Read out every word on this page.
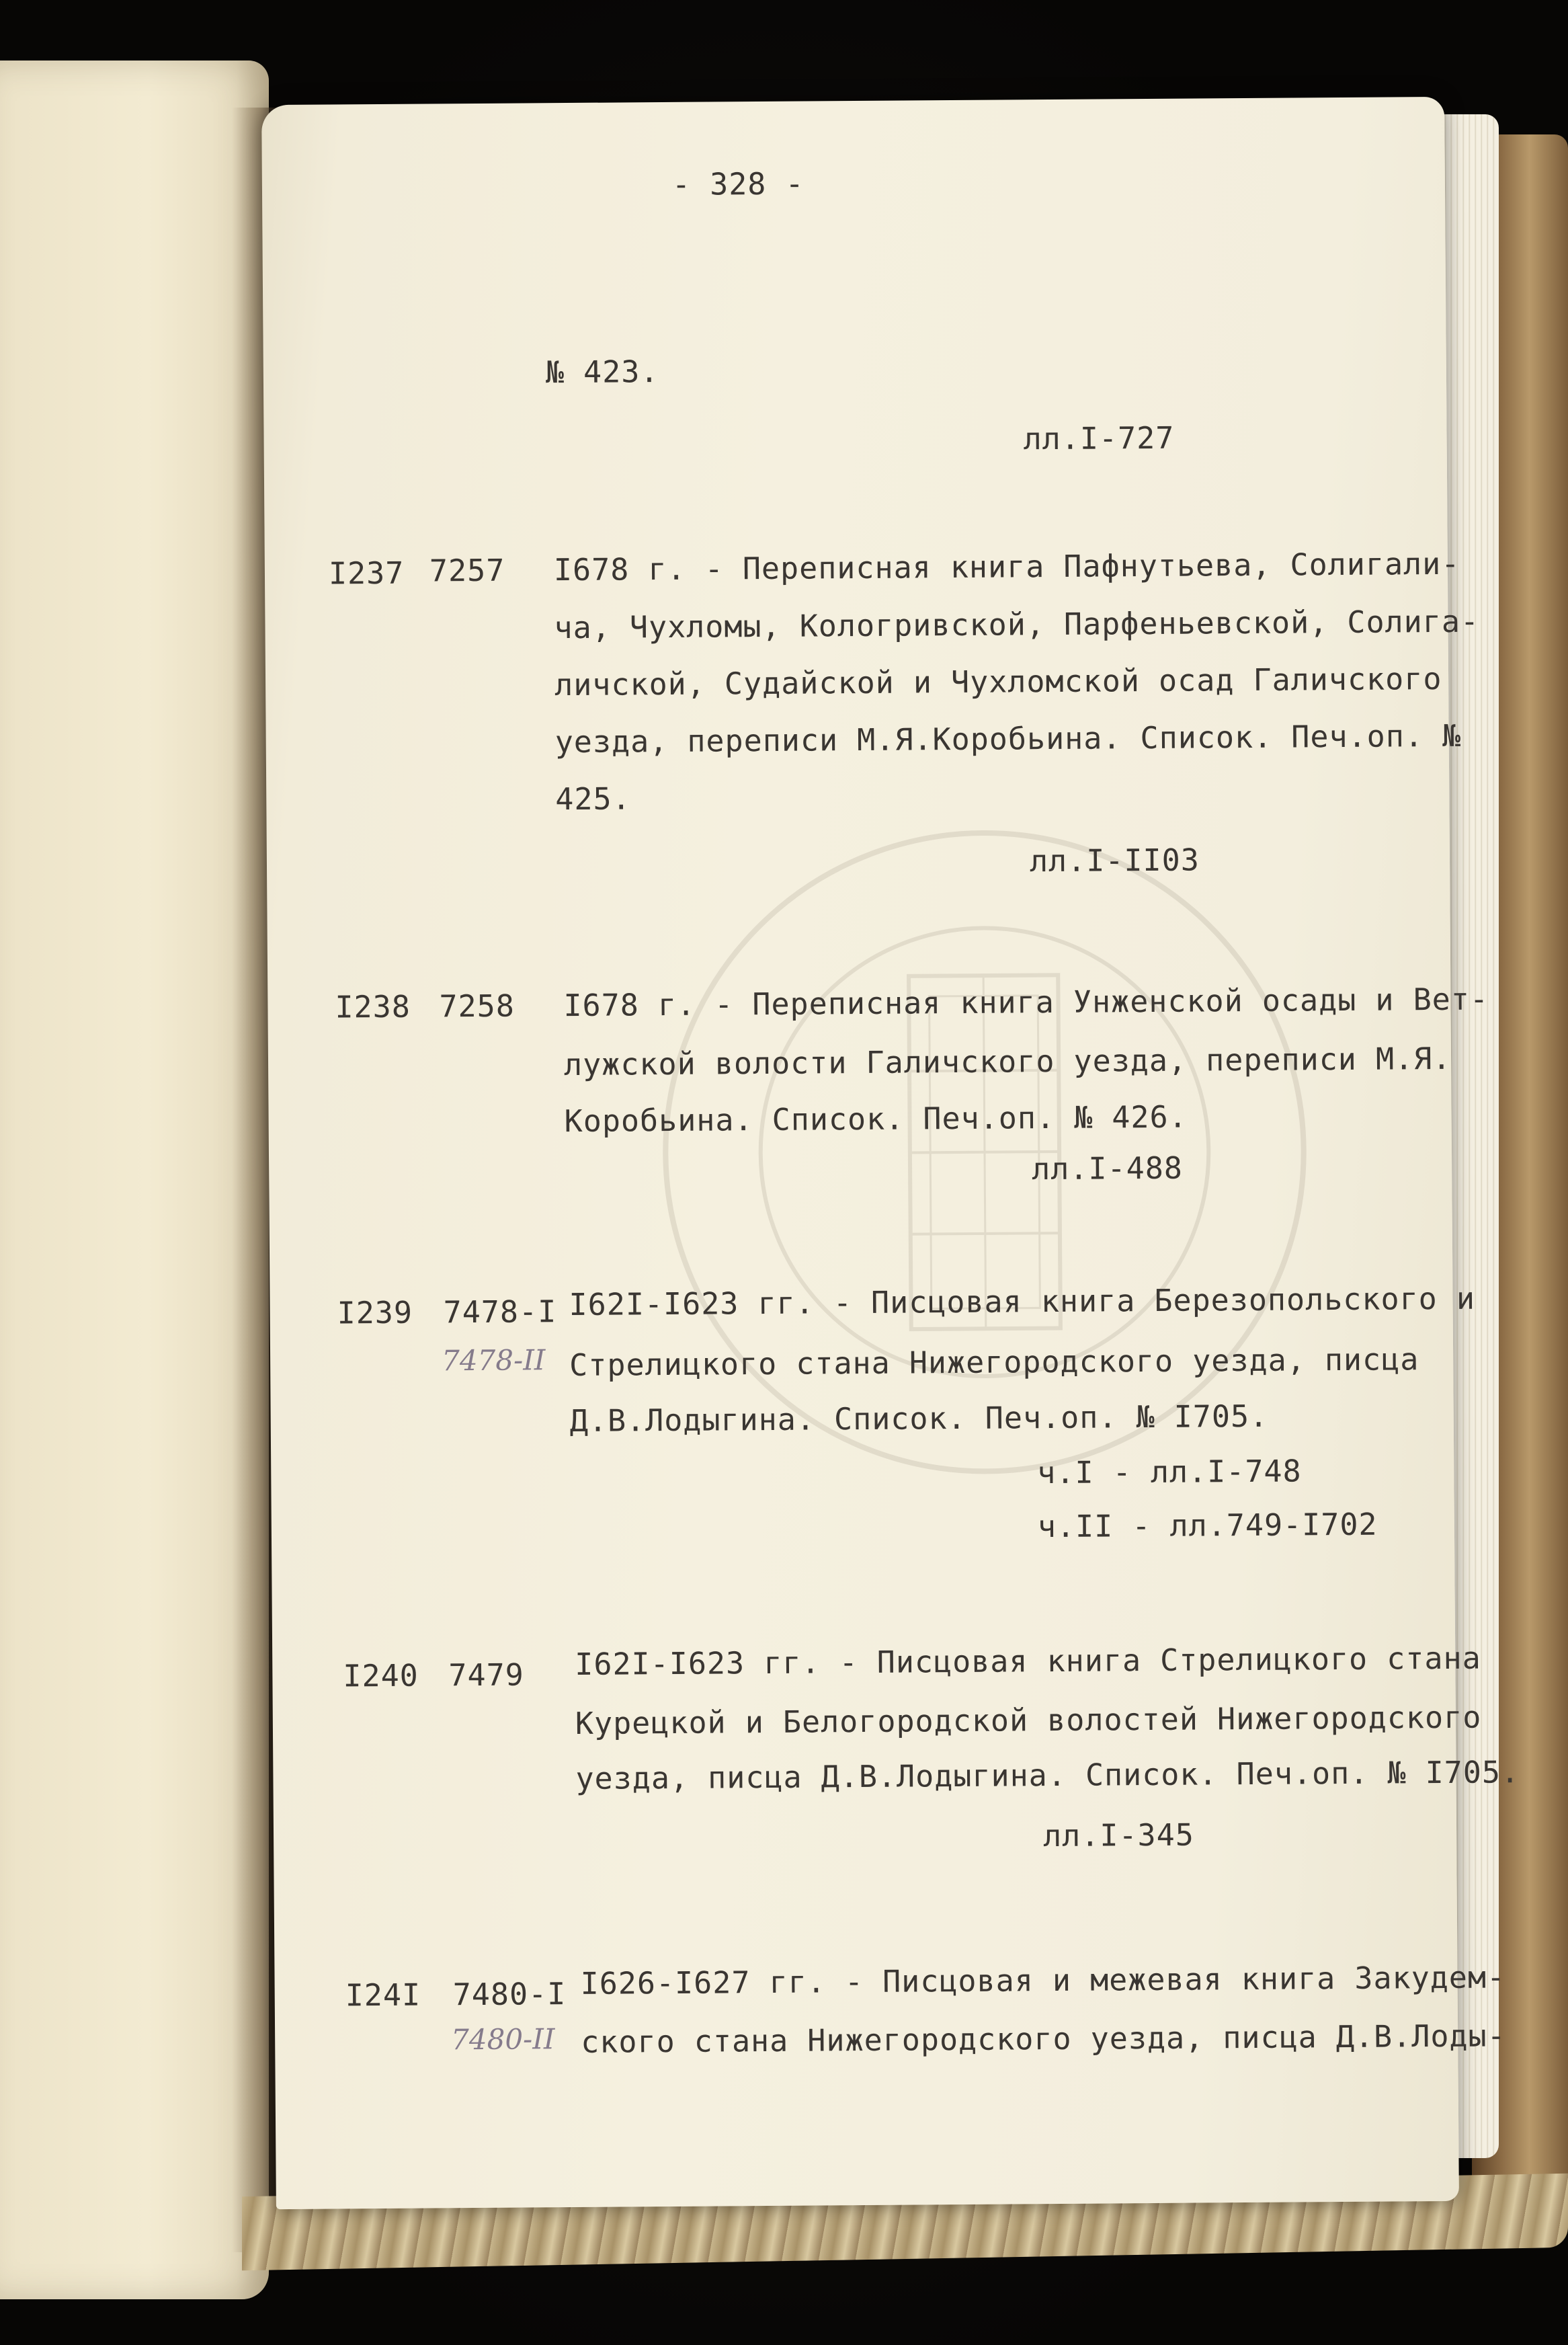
- 328 -
№ 423.
лл.I-727
I237 7257 I678 г. - Переписная книга Пафнутьева, Солигали-
ча, Чухломы, Кологривской, Парфеньевской, Солига-
личской, Судайской и Чухломской осад Галичского
уезда, переписи М.Я.Коробьина. Список. Печ.оп. №
425.
лл.I-II03
I238 7258 I678 г. - Переписная книга Унженской осады и Вет-
лужской волости Галичского уезда, переписи М.Я.
Коробьина. Список. Печ.оп. № 426.
лл.I-488
I239 7478-I
7478-II
I62I-I623 гг. - Писцовая книга Березопольского и
Стрелицкого стана Нижегородского уезда, писца
Д.В.Лодыгина. Список. Печ.оп. № I705.
ч.I - лл.I-748
ч.II - лл.749-I702
I240 7479 I62I-I623 гг. - Писцовая книга Стрелицкого стана
Курецкой и Белогородской волостей Нижегородского
уезда, писца Д.В.Лодыгина. Список. Печ.оп. № I705.
лл.I-345
I24I 7480-I
7480-II
I626-I627 гг. - Писцовая и межевая книга Закудем-
ского стана Нижегородского уезда, писца Д.В.Лоды-
